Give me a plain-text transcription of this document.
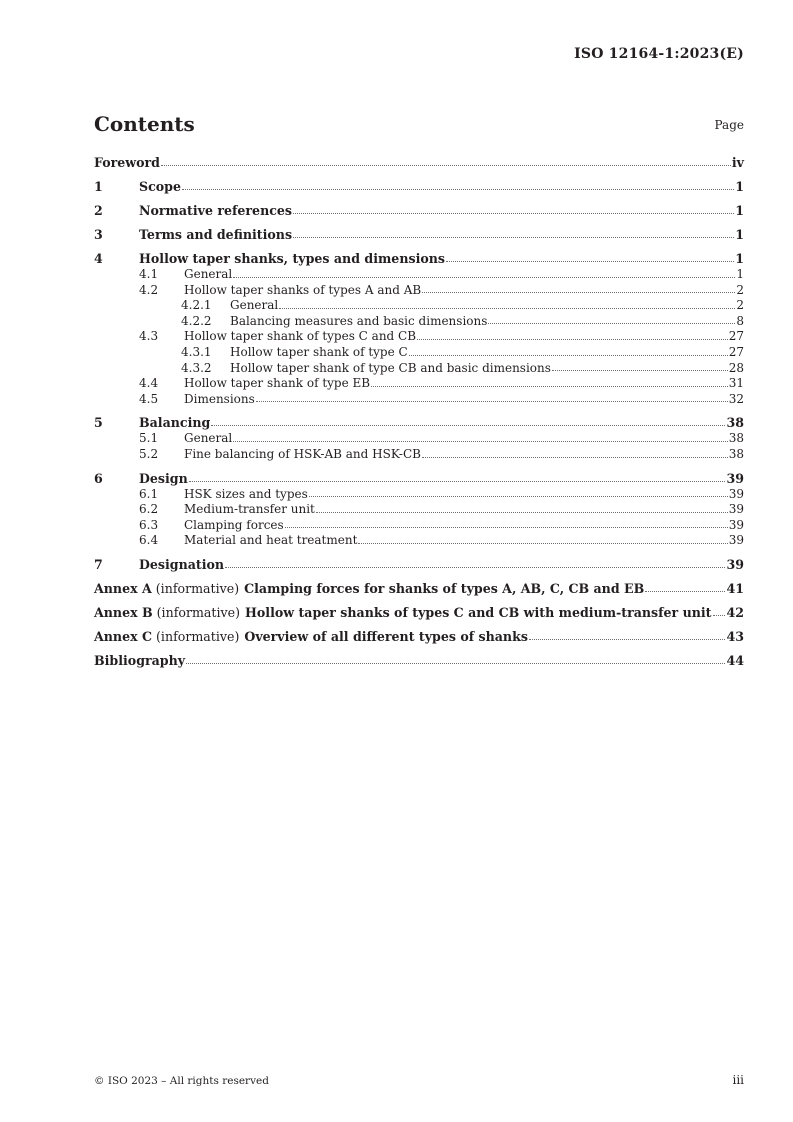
ISO 12164-1:2023(E)
Contents	Page
Foreword	iv
1	Scope	1
2	Normative references	1
3	Terms and definitions	1
4	Hollow taper shanks, types and dimensions	1
4.1	General	1
4.2	Hollow taper shanks of types A and AB	2
4.2.1	General	2
4.2.2	Balancing measures and basic dimensions	8
4.3	Hollow taper shank of types C and CB	27
4.3.1	Hollow taper shank of type C	27
4.3.2	Hollow taper shank of type CB and basic dimensions	28
4.4	Hollow taper shank of type EB	31
4.5	Dimensions	32
5	Balancing	38
5.1	General	38
5.2	Fine balancing of HSK-AB and HSK-CB	38
6	Design	39
6.1	HSK sizes and types	39
6.2	Medium-transfer unit	39
6.3	Clamping forces	39
6.4	Material and heat treatment	39
7	Designation	39
Annex A (informative) Clamping forces for shanks of types A, AB, C, CB and EB	41
Annex B (informative) Hollow taper shanks of types C and CB with medium-transfer unit 42
Annex C (informative) Overview of all different types of shanks	43
Bibliography	44
© ISO 2023 – All rights reserved	iii
